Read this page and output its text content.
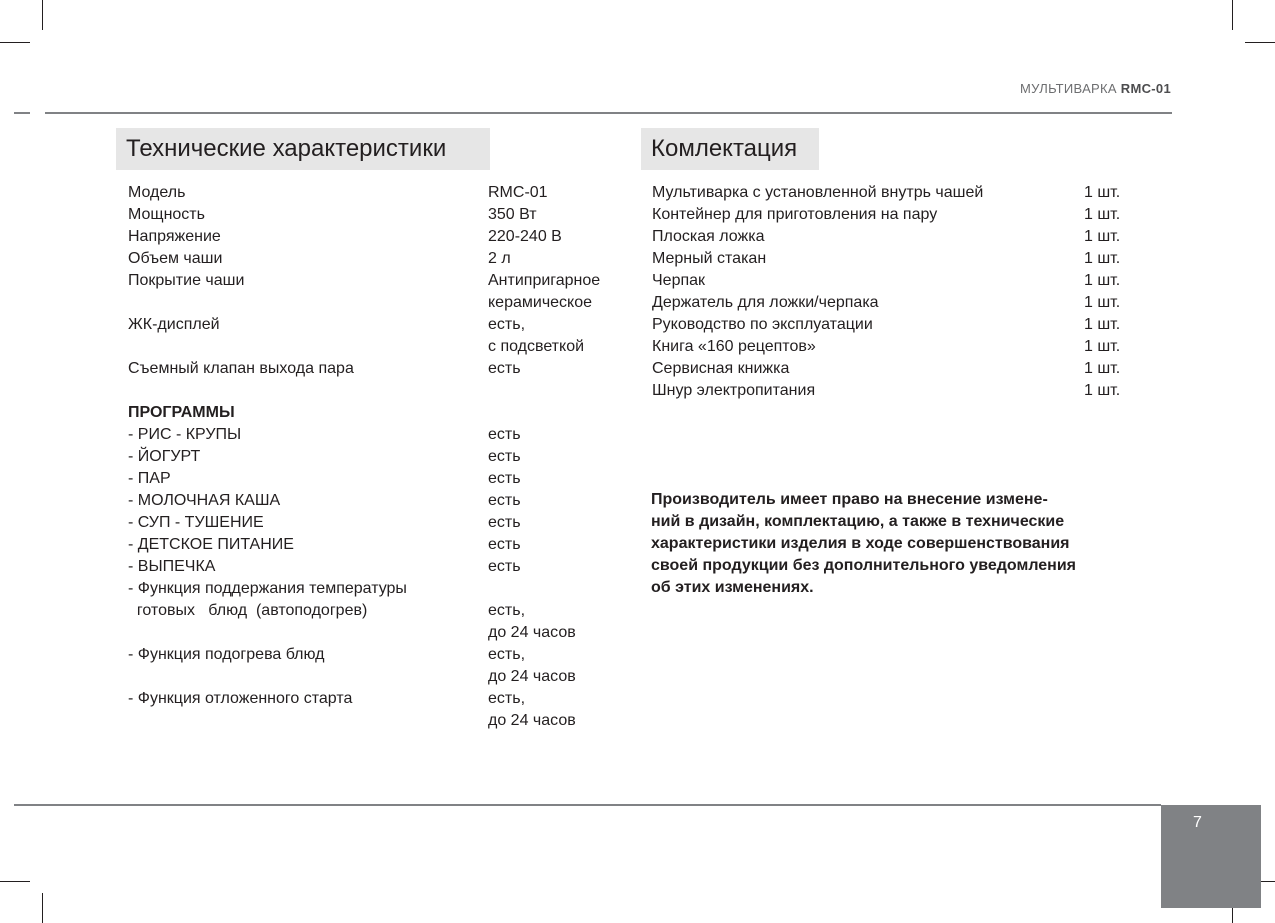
МУЛЬТИВАРКА RMC-01
Технические характеристики	Комлектация
Модель	RMC-01
Мощность	350 Вт
Напряжение	220-240 В
Объем чаши	2 л
Покрытие чаши	Антипригарное
керамическое
ЖК-дисплей	есть,
с подсветкой
Съемный клапан выхода пара	есть

ПРОГРАММЫ
- РИС - КРУПЫ	есть
- ЙОГУРТ	есть
- ПАР	есть
- МОЛОЧНАЯ КАША	есть
- СУП - ТУШЕНИЕ	есть
- ДЕТСКОЕ ПИТАНИЕ	есть
- ВЫПЕЧКА	есть
- Функция поддержания температуры
готовых   блюд  (автоподогрев)	есть,
до 24 часов
- Функция подогрева блюд	есть,
до 24 часов
- Функция отложенного старта	есть,
до 24 часов
Мультиварка с установленной внутрь чашей	1 шт.
Контейнер для приготовления на пару	1 шт.
Плоская ложка	1 шт.
Мерный стакан	1 шт.
Черпак	1 шт.
Держатель для ложки/черпака	1 шт.
Руководство по эксплуатации	1 шт.
Книга «160 рецептов»	1 шт.
Сервисная книжка	1 шт.
Шнур электропитания	1 шт.
Производитель имеет право на внесение измене-
ний в дизайн, комплектацию, а также в технические
характеристики изделия в ходе совершенствования
своей продукции без дополнительного уведомления
об этих изменениях.
7
